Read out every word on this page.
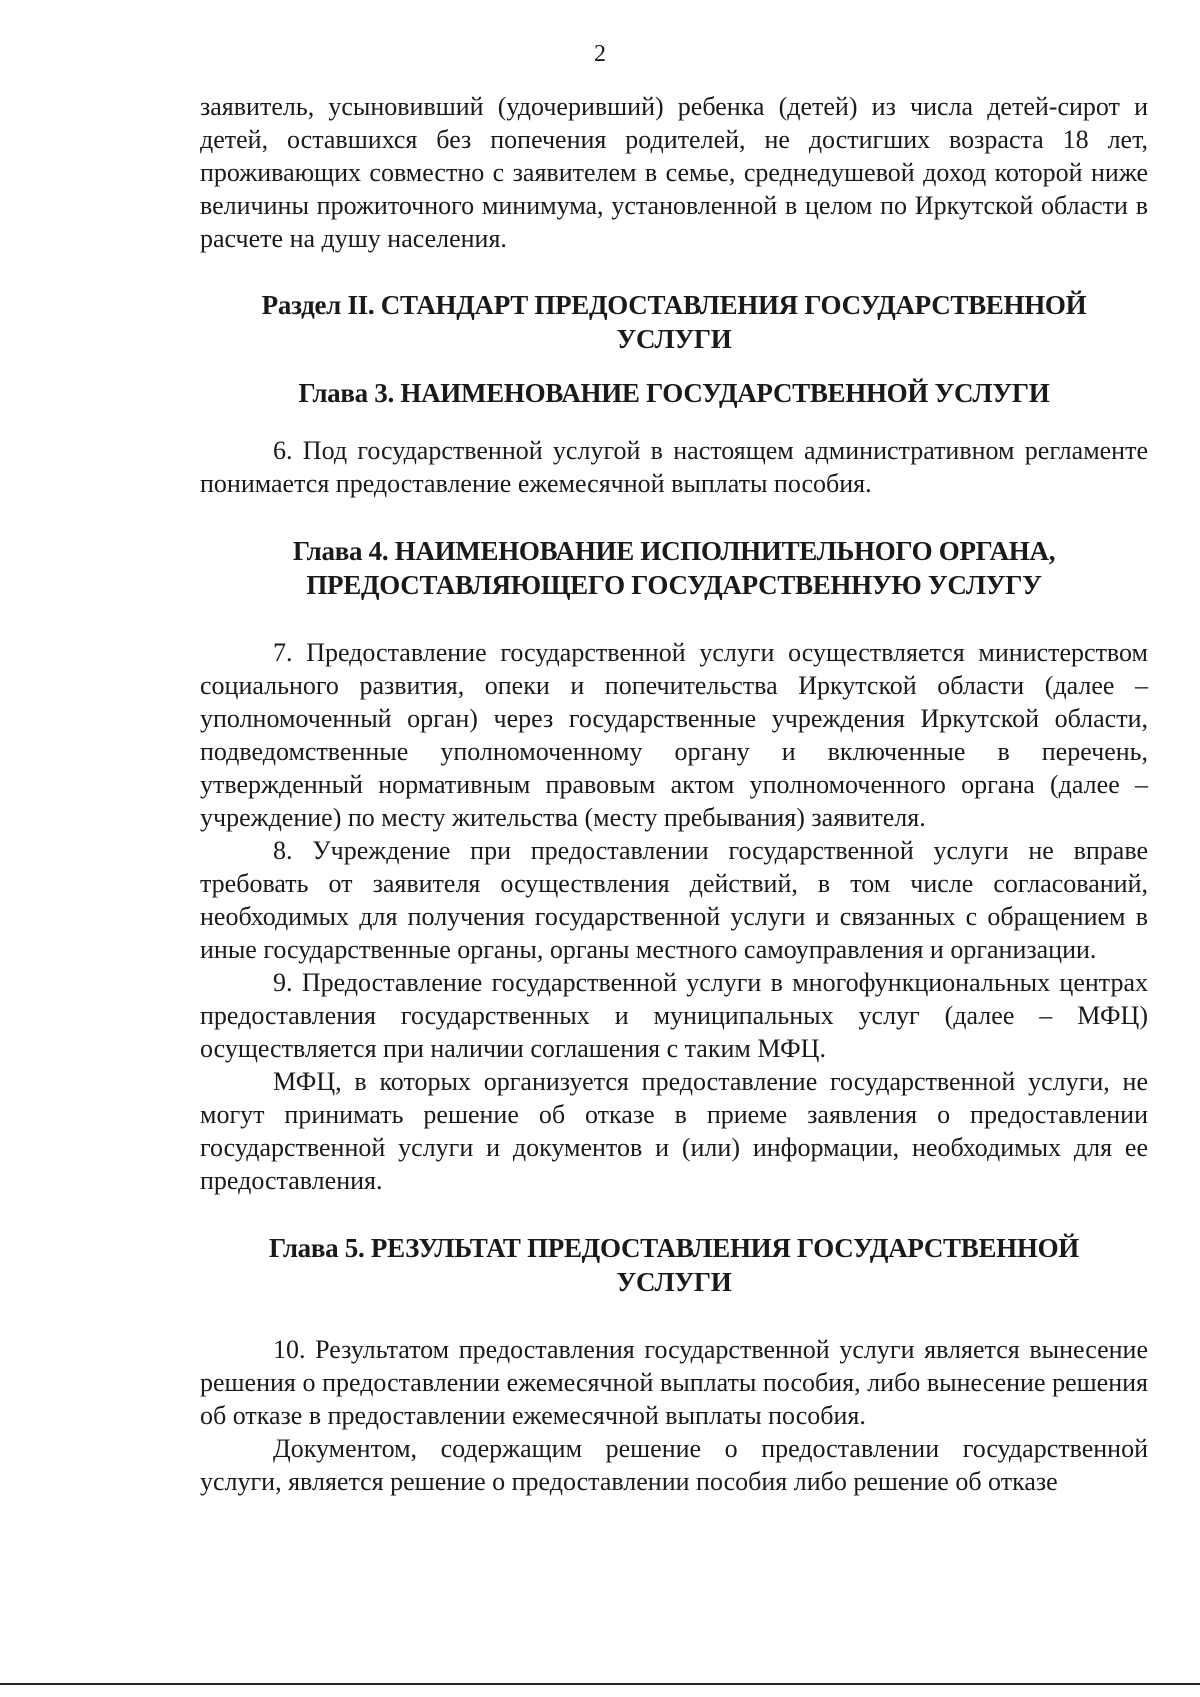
2

заявитель, усыновивший (удочеривший) ребенка (детей) из числа детей-сирот и детей, оставшихся без попечения родителей, не достигших возраста 18 лет, проживающих совместно с заявителем в семье, среднедушевой доход которой ниже величины прожиточного минимума, установленной в целом по Иркутской области в расчете на душу населения.

Раздел II. СТАНДАРТ ПРЕДОСТАВЛЕНИЯ ГОСУДАРСТВЕННОЙ УСЛУГИ
Глава 3. НАИМЕНОВАНИЕ ГОСУДАРСТВЕННОЙ УСЛУГИ

6. Под государственной услугой в настоящем административном регламенте понимается предоставление ежемесячной выплаты пособия.

Глава 4. НАИМЕНОВАНИЕ ИСПОЛНИТЕЛЬНОГО ОРГАНА, ПРЕДОСТАВЛЯЮЩЕГО ГОСУДАРСТВЕННУЮ УСЛУГУ

7. Предоставление государственной услуги осуществляется министерством социального развития, опеки и попечительства Иркутской области (далее – уполномоченный орган) через государственные учреждения Иркутской области, подведомственные уполномоченному органу и включенные в перечень, утвержденный нормативным правовым актом уполномоченного органа (далее – учреждение) по месту жительства (месту пребывания) заявителя.

8. Учреждение при предоставлении государственной услуги не вправе требовать от заявителя осуществления действий, в том числе согласований, необходимых для получения государственной услуги и связанных с обращением в иные государственные органы, органы местного самоуправления и организации.

9. Предоставление государственной услуги в многофункциональных центрах предоставления государственных и муниципальных услуг (далее – МФЦ) осуществляется при наличии соглашения с таким МФЦ.

МФЦ, в которых организуется предоставление государственной услуги, не могут принимать решение об отказе в приеме заявления о предоставлении государственной услуги и документов и (или) информации, необходимых для ее предоставления.

Глава 5. РЕЗУЛЬТАТ ПРЕДОСТАВЛЕНИЯ ГОСУДАРСТВЕННОЙ УСЛУГИ

10. Результатом предоставления государственной услуги является вынесение решения о предоставлении ежемесячной выплаты пособия, либо вынесение решения об отказе в предоставлении ежемесячной выплаты пособия.

Документом, содержащим решение о предоставлении государственной услуги, является решение о предоставлении пособия либо решение об отказе
